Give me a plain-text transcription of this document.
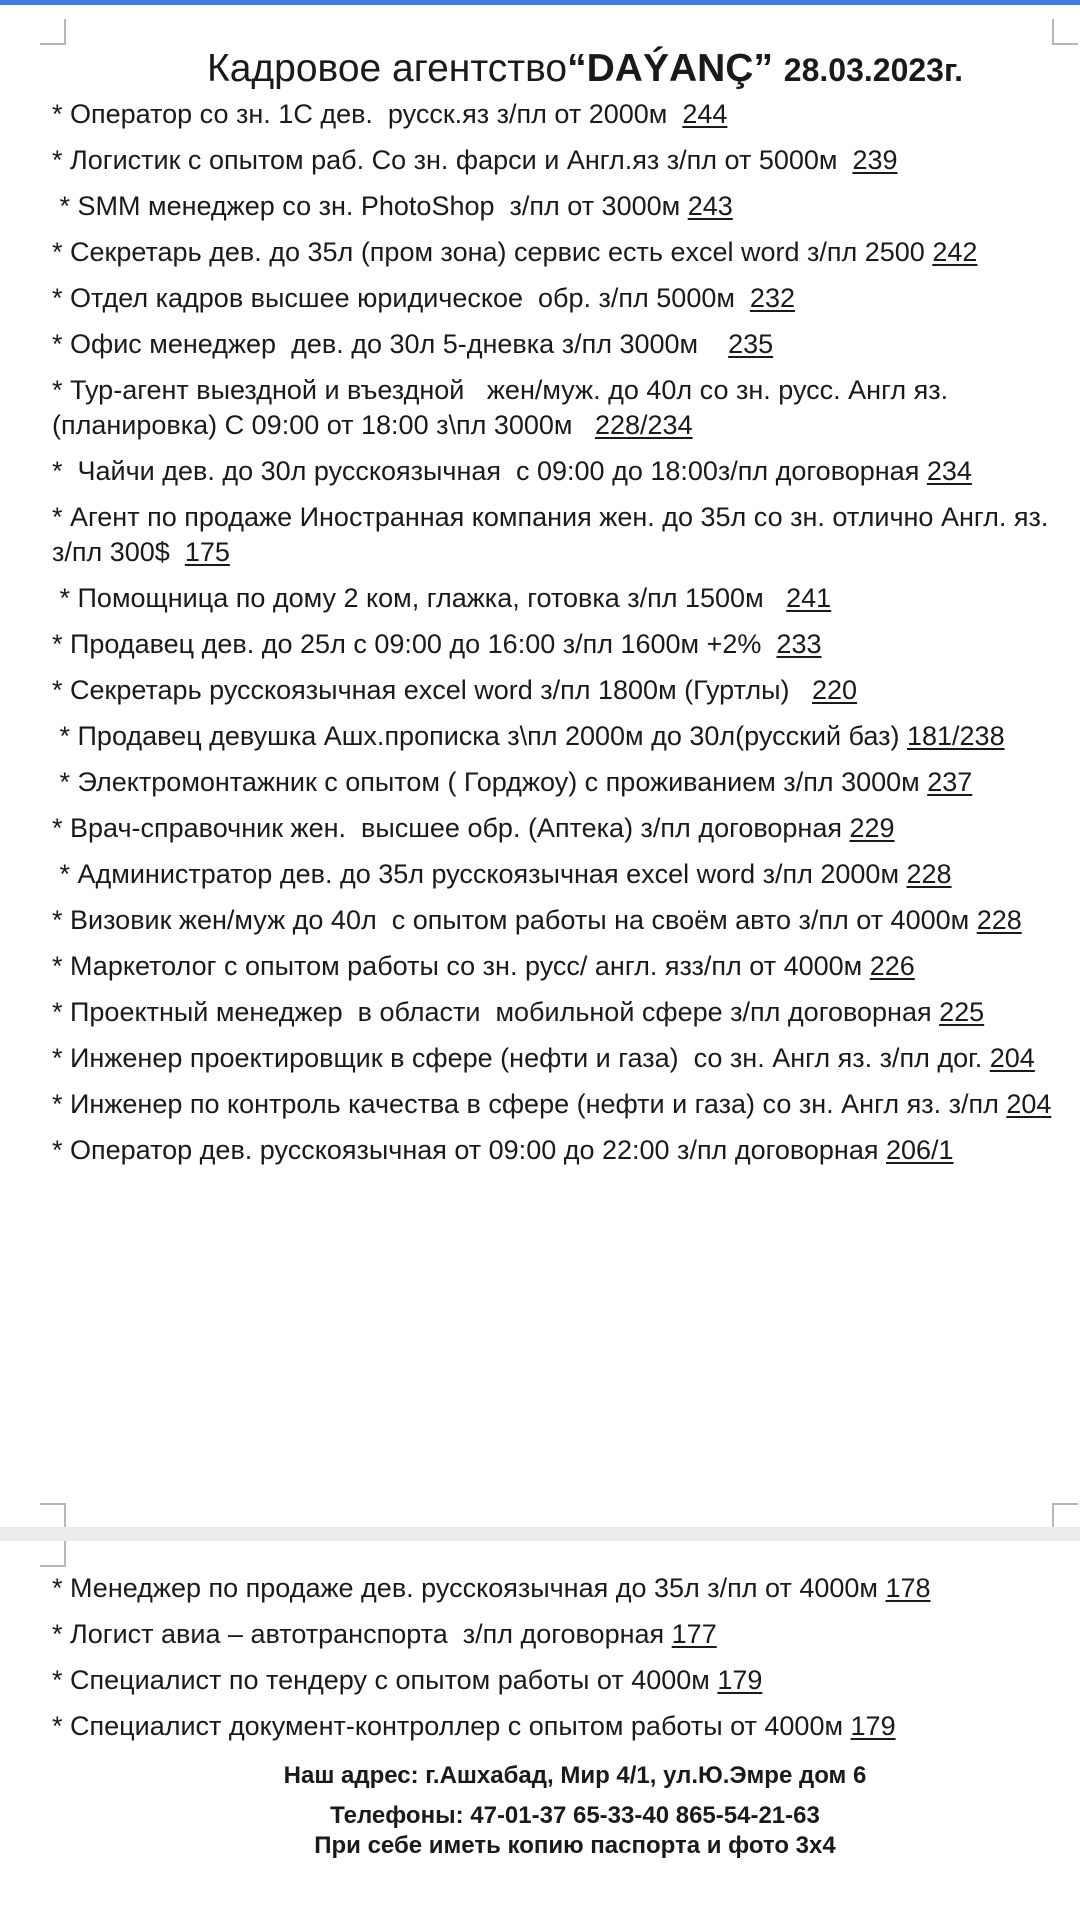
Кадровое агентство“DAÝANÇ” 28.03.2023г.
* Оператор со зн. 1С дев.  русск.яз з/пл от 2000м  244
* Логистик с опытом раб. Со зн. фарси и Англ.яз з/пл от 5000м  239
* SMM менеджер со зн. PhotoShop  з/пл от 3000м 243
* Секретарь дев. до 35л (пром зона) сервис есть excel word з/пл 2500 242
* Отдел кадров высшее юридическое  обр. з/пл 5000м  232
* Офис менеджер  дев. до 30л 5-дневка з/пл 3000м    235
* Тур-агент выездной и въездной   жен/муж. до 40л со зн. русс. Англ яз. (планировка) С 09:00 от 18:00 з\пл 3000м   228/234
*  Чайчи дев. до 30л русскоязычная  с 09:00 до 18:00з/пл договорная 234
* Агент по продаже Иностранная компания жен. до 35л со зн. отлично Англ. яз. з/пл 300$  175
* Помощница по дому 2 ком, глажка, готовка з/пл 1500м   241
* Продавец дев. до 25л с 09:00 до 16:00 з/пл 1600м +2%  233
* Секретарь русскоязычная excel word з/пл 1800м (Гуртлы)   220
* Продавец девушка Ашх.прописка з\пл 2000м до 30л(русский баз) 181/238
* Электромонтажник с опытом ( Горджоу) с проживанием з/пл 3000м 237
* Врач-справочник жен.  высшее обр. (Аптека) з/пл договорная 229
* Администратор дев. до 35л русскоязычная excel word з/пл 2000м 228
* Визовик жен/муж до 40л  с опытом работы на своём авто з/пл от 4000м 228
* Маркетолог с опытом работы со зн. русс/ англ. язз/пл от 4000м 226
* Проектный менеджер  в области  мобильной сфере з/пл договорная 225
* Инженер проектировщик в сфере (нефти и газа)  со зн. Англ яз. з/пл дог. 204
* Инженер по контроль качества в сфере (нефти и газа) со зн. Англ яз. з/пл 204
* Оператор дев. русскоязычная от 09:00 до 22:00 з/пл договорная 206/1
* Менеджер по продаже дев. русскоязычная до 35л з/пл от 4000м 178
* Логист авиа – автотранспорта  з/пл договорная 177
* Специалист по тендеру с опытом работы от 4000м 179
* Специалист документ-контроллер с опытом работы от 4000м 179
Наш адрес: г.Ашхабад, Мир 4/1, ул.Ю.Эмре дом 6
Телефоны: 47-01-37 65-33-40 865-54-21-63
При себе иметь копию паспорта и фото 3х4
